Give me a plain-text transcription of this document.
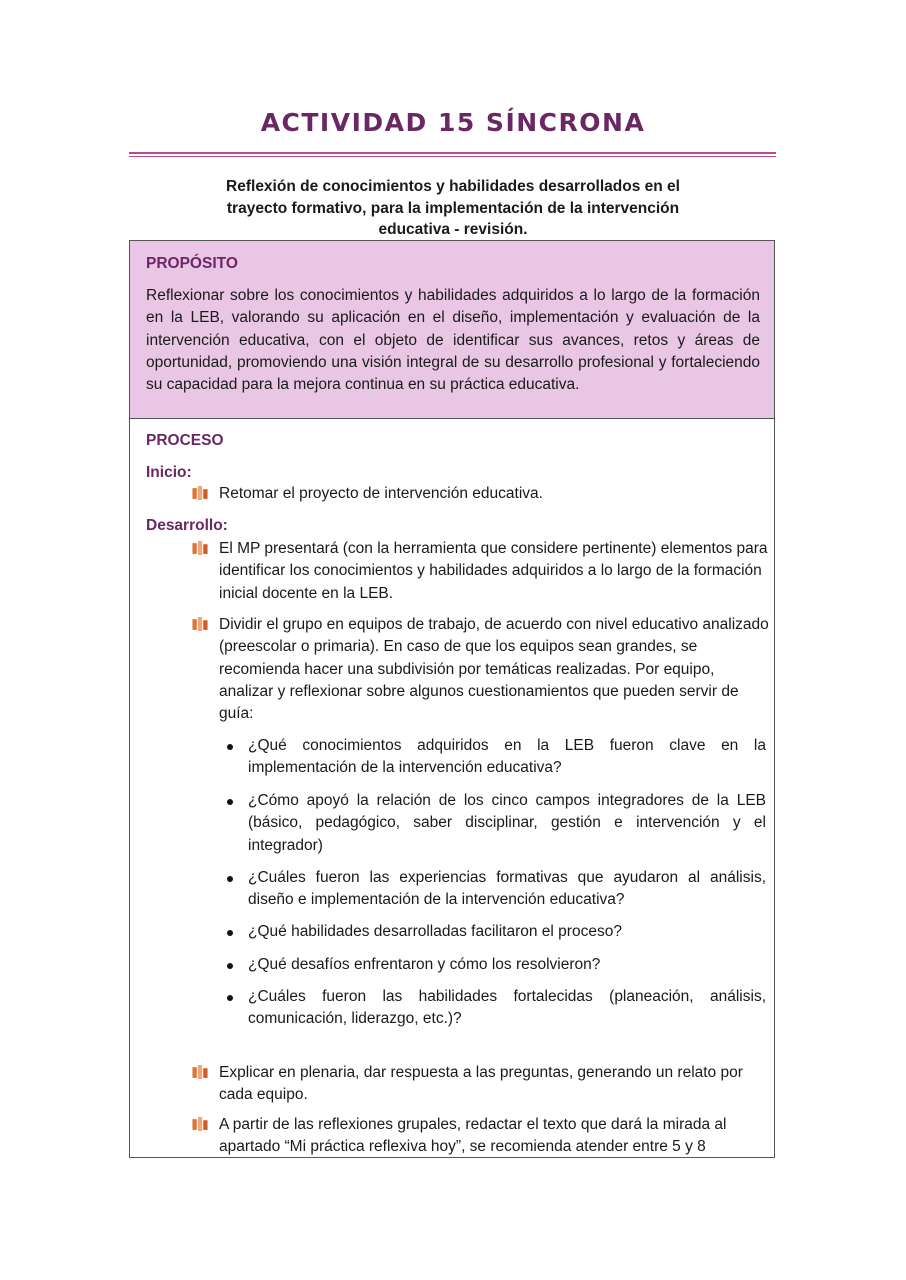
ACTIVIDAD 15 SÍNCRONA

Reflexión de conocimientos y habilidades desarrollados en el trayecto formativo, para la implementación de la intervención educativa - revisión.

PROPÓSITO

Reflexionar sobre los conocimientos y habilidades adquiridos a lo largo de la formación en la LEB, valorando su aplicación en el diseño, implementación y evaluación de la intervención educativa, con el objeto de identificar sus avances, retos y áreas de oportunidad, promoviendo una visión integral de su desarrollo profesional y fortaleciendo su capacidad para la mejora continua en su práctica educativa.

PROCESO

Inicio:

Retomar el proyecto de intervención educativa.

Desarrollo:

El MP presentará (con la herramienta que considere pertinente) elementos para identificar los conocimientos y habilidades adquiridos a lo largo de la formación inicial docente en la LEB.

Dividir el grupo en equipos de trabajo, de acuerdo con nivel educativo analizado (preescolar o primaria). En caso de que los equipos sean grandes, se recomienda hacer una subdivisión por temáticas realizadas. Por equipo, analizar y reflexionar sobre algunos cuestionamientos que pueden servir de guía:

¿Qué conocimientos adquiridos en la LEB fueron clave en la implementación de la intervención educativa?

¿Cómo apoyó la relación de los cinco campos integradores de la LEB (básico, pedagógico, saber disciplinar, gestión e intervención y el integrador)

¿Cuáles fueron las experiencias formativas que ayudaron al análisis, diseño e implementación de la intervención educativa?

¿Qué habilidades desarrolladas facilitaron el proceso?

¿Qué desafíos enfrentaron y cómo los resolvieron?

¿Cuáles fueron las habilidades fortalecidas (planeación, análisis, comunicación, liderazgo, etc.)?

Explicar en plenaria, dar respuesta a las preguntas, generando un relato por cada equipo.

A partir de las reflexiones grupales, redactar el texto que dará la mirada al apartado “Mi práctica reflexiva hoy”, se recomienda atender entre 5 y 8
